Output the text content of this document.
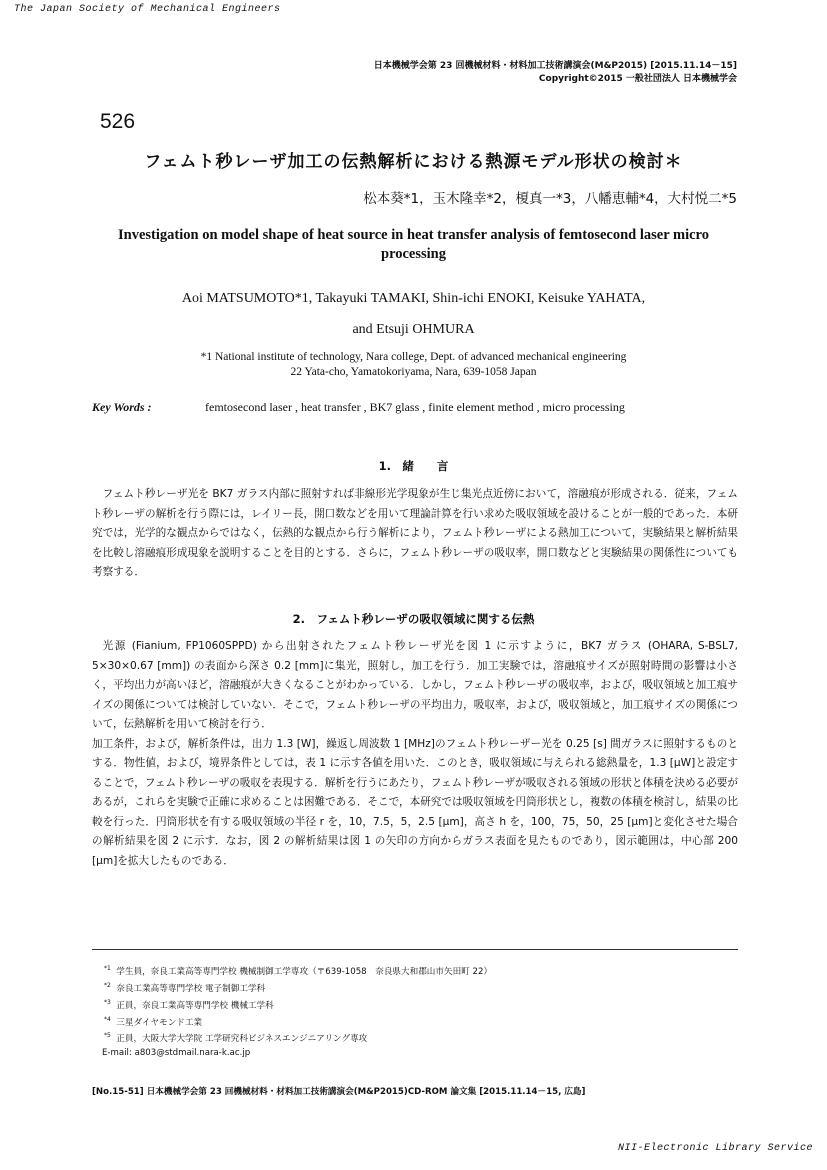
The Japan Society of Mechanical Engineers
日本機械学会第 23 回機械材料・材料加工技術講演会(M&P2015) [2015.11.14－15]
Copyright©2015 一般社団法人 日本機械学会
526
フェムト秒レーザ加工の伝熱解析における熱源モデル形状の検討＊
松本葵*1，玉木隆幸*2，榎真一*3，八幡恵輔*4，大村悦二*5
Investigation on model shape of heat source in heat transfer analysis of femtosecond laser micro processing
Aoi MATSUMOTO*1, Takayuki TAMAKI, Shin-ichi ENOKI, Keisuke YAHATA,
and Etsuji OHMURA
*1 National institute of technology, Nara college, Dept. of advanced mechanical engineering
22 Yata-cho, Yamatokoriyama, Nara, 639-1058 Japan
Key Words :	femtosecond laser , heat transfer , BK7 glass , finite element method , micro processing
1.　緒　　言

フェムト秒レーザ光を BK7 ガラス内部に照射すれば非線形光学現象が生じ集光点近傍において，溶融痕が形成される．従来，フェムト秒レーザの解析を行う際には，レイリー長，開口数などを用いて理論計算を行い求めた吸収領域を設けることが一般的であった．本研究では，光学的な観点からではなく，伝熱的な観点から行う解析により，フェムト秒レーザによる熱加工について，実験結果と解析結果を比較し溶融痕形成現象を説明することを目的とする．さらに，フェムト秒レーザの吸収率，開口数などと実験結果の関係性についても考察する．

2.　フェムト秒レーザの吸収領域に関する伝熱

光源 (Fianium, FP1060SPPD) から出射されたフェムト秒レーザ光を図 1 に示すように，BK7 ガラス (OHARA, S-BSL7, 5×30×0.67 [mm]) の表面から深さ 0.2 [mm]に集光，照射し，加工を行う．加工実験では，溶融痕サイズが照射時間の影響は小さく，平均出力が高いほど，溶融痕が大きくなることがわかっている．しかし，フェムト秒レーザの吸収率，および，吸収領域と加工痕サイズの関係については検討していない．そこで，フェムト秒レーザの平均出力，吸収率，および，吸収領域と，加工痕サイズの関係について，伝熱解析を用いて検討を行う．

加工条件，および，解析条件は，出力 1.3 [W]，繰返し周波数 1 [MHz]のフェムト秒レーザー光を 0.25 [s] 間ガラスに照射するものとする．物性値，および，境界条件としては，表 1 に示す各値を用いた．このとき，吸収領域に与えられる総熱量を，1.3 [μW]と設定することで，フェムト秒レーザの吸収を表現する．解析を行うにあたり，フェムト秒レーザが吸収される領域の形状と体積を決める必要があるが，これらを実験で正確に求めることは困難である．そこで，本研究では吸収領域を円筒形状とし，複数の体積を検討し，結果の比較を行った．円筒形状を有する吸収領域の半径 r を，10，7.5，5，2.5 [μm]，高さ h を，100，75，50，25 [μm]と変化させた場合の解析結果を図 2 に示す．なお，図 2 の解析結果は図 1 の矢印の方向からガラス表面を見たものであり，図示範囲は，中心部 200 [μm]を拡大したものである．

$^{*1}$ 学生員，奈良工業高等専門学校 機械制御工学専攻（〒639-1058　奈良県大和郡山市矢田町 22）
$^{*2}$ 奈良工業高等専門学校 電子制御工学科
$^{*3}$ 正員，奈良工業高等専門学校 機械工学科
$^{*4}$ 三星ダイヤモンド工業
$^{*5}$ 正員，大阪大学大学院 工学研究科ビジネスエンジニアリング専攻
E-mail: a803@stdmail.nara-k.ac.jp
[No.15-51] 日本機械学会第 23 回機械材料・材料加工技術講演会(M&P2015)CD-ROM 論文集 [2015.11.14－15, 広島]
NII-Electronic Library Service
